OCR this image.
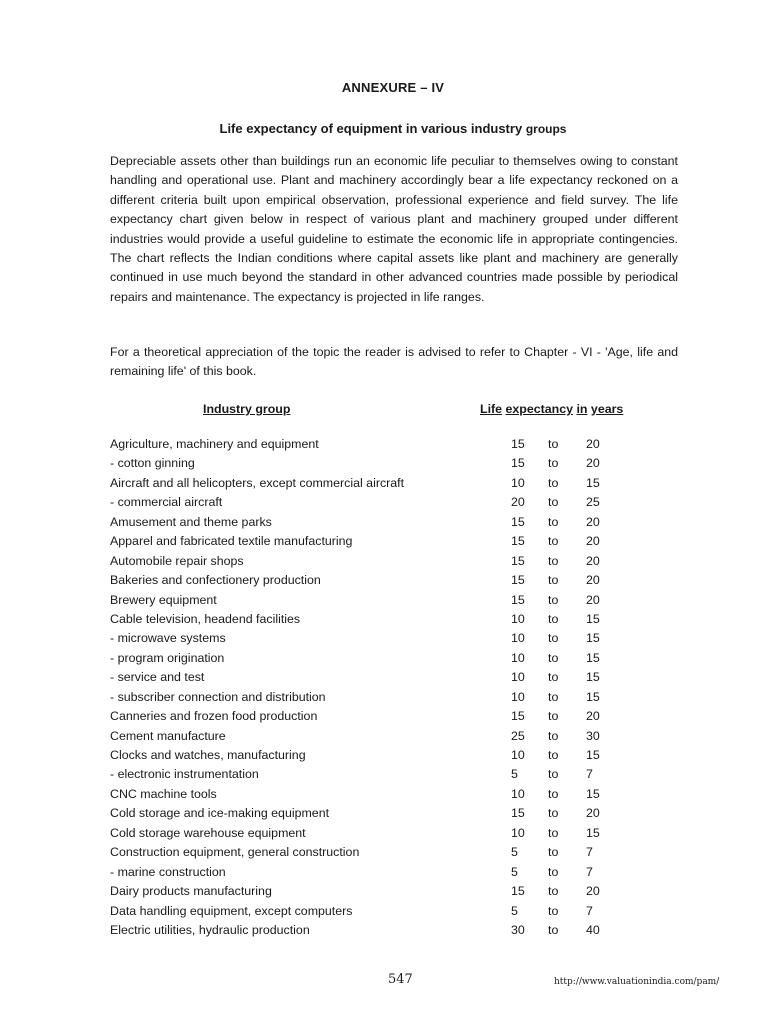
ANNEXURE – IV
Life expectancy of equipment in various industry groups
Depreciable assets other than buildings run an economic life peculiar to themselves owing to constant handling and operational use. Plant and machinery accordingly bear a life expectancy reckoned on a different criteria built upon empirical observation, professional experience and field survey. The life expectancy chart given below in respect of various plant and machinery grouped under different industries would provide a useful guideline to estimate the economic life in appropriate contingencies. The chart reflects the Indian conditions where capital assets like plant and machinery are generally continued in use much beyond the standard in other advanced countries made possible by periodical repairs and maintenance. The expectancy is projected in life ranges.
For a theoretical appreciation of the topic the reader is advised to refer to Chapter - VI - 'Age, life and remaining life' of this book.
Industry group	Life expectancy in years
Agriculture, machinery and equipment	15 to 20
- cotton ginning	15 to 20
Aircraft and all helicopters, except commercial aircraft	10 to 15
- commercial aircraft	20 to 25
Amusement and theme parks	15 to 20
Apparel and fabricated textile manufacturing	15 to 20
Automobile repair shops	15 to 20
Bakeries and confectionery production	15 to 20
Brewery equipment	15 to 20
Cable television, headend facilities	10 to 15
- microwave systems	10 to 15
- program origination	10 to 15
- service and test	10 to 15
- subscriber connection and distribution	10 to 15
Canneries and frozen food production	15 to 20
Cement manufacture	25 to 30
Clocks and watches, manufacturing	10 to 15
- electronic instrumentation	5 to 7
CNC machine tools	10 to 15
Cold storage and ice-making equipment	15 to 20
Cold storage warehouse equipment	10 to 15
Construction equipment, general construction	5 to 7
- marine construction	5 to 7
Dairy products manufacturing	15 to 20
Data handling equipment, except computers	5 to 7
Electric utilities, hydraulic production	30 to 40
547	http://www.valuationindia.com/pam/
